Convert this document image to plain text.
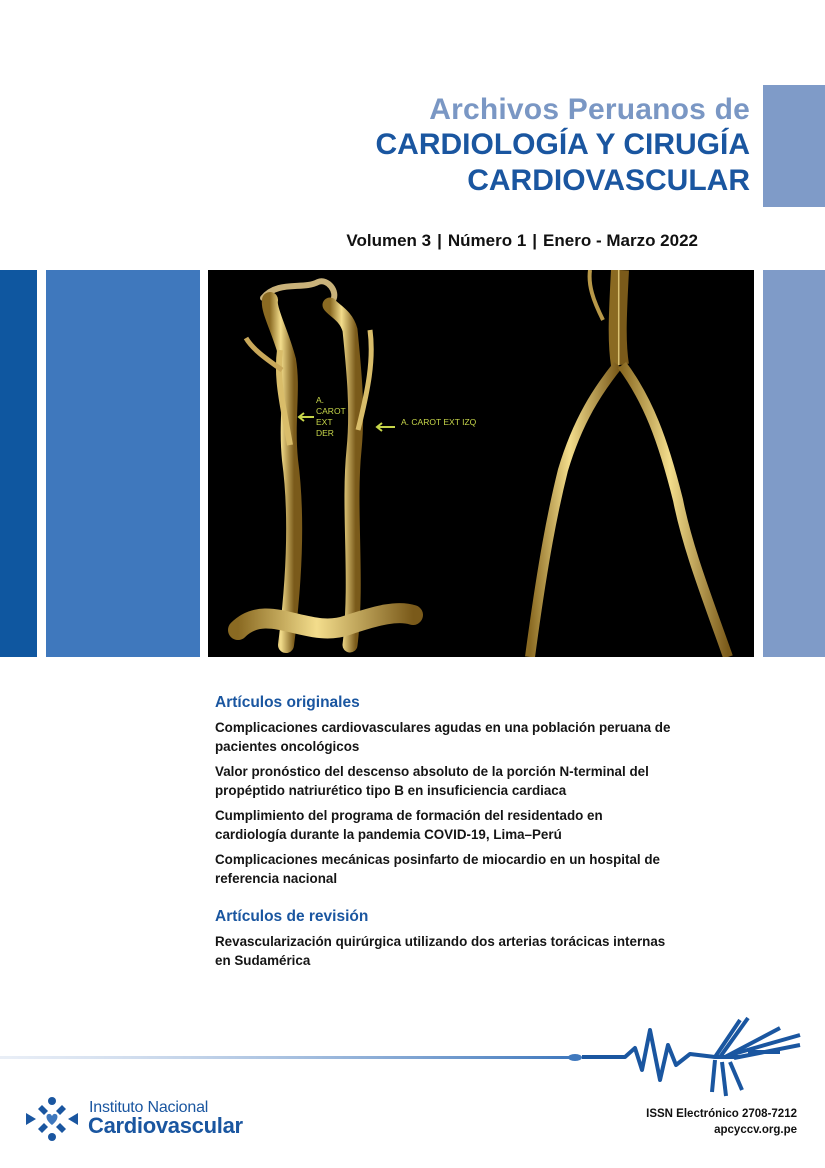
Archivos Peruanos de
CARDIOLOGÍA Y CIRUGÍA
CARDIOVASCULAR
Volumen 3 | Número 1 | Enero - Marzo 2022
A.
CAROT
EXT
DER
A. CAROT EXT IZQ
Artículos originales
Complicaciones cardiovasculares agudas en una población peruana de
pacientes oncológicos
Valor pronóstico del descenso absoluto de la porción N-terminal del
propéptido natriurético tipo B en insuficiencia cardiaca
Cumplimiento del programa de formación del residentado en
cardiología durante la pandemia COVID-19, Lima–Perú
Complicaciones mecánicas posinfarto de miocardio en un hospital de
referencia nacional
Artículos de revisión
Revascularización quirúrgica utilizando dos arterias torácicas internas
en Sudamérica
Instituto Nacional
Cardiovascular	ISSN Electrónico 2708-7212
apcyccv.org.pe
